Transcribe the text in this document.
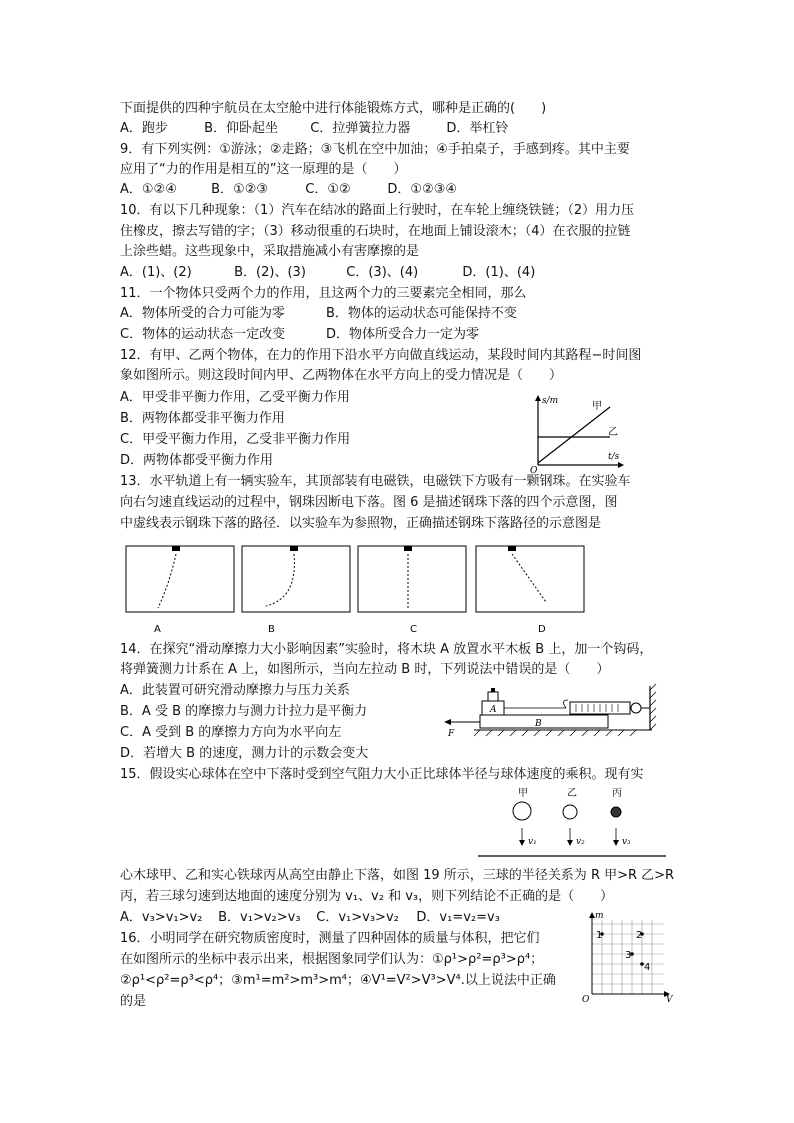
下面提供的四种宇航员在太空舱中进行体能锻炼方式，哪种是正确的(　　)
A．跑步	B．仰卧起坐 C．拉弹簧拉力器	D．举杠铃
9．有下列实例：①游泳；②走路；③飞机在空中加油；④手拍桌子，手感到疼。其中主要
应用了“力的作用是相互的”这一原理的是（　　）
A．①②④	B．①②③	C．①②	D．①②③④
10．有以下几种现象：（1）汽车在结冰的路面上行驶时，在车轮上缠绕铁链；（2）用力压
住橡皮，擦去写错的字；（3）移动很重的石块时，在地面上铺设滚木；（4）在衣服的拉链
上涂些蜡。这些现象中，采取措施减小有害摩擦的是
A．(1)、(2)	B．(2)、(3)	C．(3)、(4)	D．(1)、(4)
11．一个物体只受两个力的作用，且这两个力的三要素完全相同，那么
A．物体所受的合力可能为零	B．物体的运动状态可能保持不变
C．物体的运动状态一定改变	D．物体所受合力一定为零
12．有甲、乙两个物体，在力的作用下沿水平方向做直线运动，某段时间内其路程−时间图
象如图所示。则这段时间内甲、乙两物体在水平方向上的受力情况是（　　）
A．甲受非平衡力作用，乙受平衡力作用
B．两物体都受非平衡力作用
C．甲受平衡力作用，乙受非平衡力作用
D．两物体都受平衡力作用
s/m
t/s
O
甲
乙
13．水平轨道上有一辆实验车，其顶部装有电磁铁，电磁铁下方吸有一颗钢珠。在实验车
向右匀速直线运动的过程中，钢珠因断电下落。图 6 是描述钢珠下落的四个示意图，图
中虚线表示钢珠下落的路径．以实验车为参照物，正确描述钢珠下落路径的示意图是
A	B	C	D
14．在探究“滑动摩擦力大小影响因素”实验时，将木块 A 放置水平木板 B 上，加一个钩码，
将弹簧测力计系在 A 上，如图所示，当向左拉动 B 时，下列说法中错误的是（　　）
A．此装置可研究滑动摩擦力与压力关系
B．A 受 B 的摩擦力与测力计拉力是平衡力
C．A 受到 B 的摩擦力方向为水平向左
D．若增大 B 的速度，测力计的示数会变大
A
B
F
15．假设实心球体在空中下落时受到空气阻力大小正比球体半径与球体速度的乘积。现有实
甲	乙	丙
v₁	v₂	v₃
心木球甲、乙和实心铁球丙从高空由静止下落，如图 19 所示，三球的半径关系为 R 甲>R 乙>R
丙，若三球匀速到达地面的速度分别为 v₁、v₂ 和 v₃，则下列结论不正确的是（　　）
A．v₃>v₁>v₂ B．v₁>v₂>v₃ C．v₁>v₃>v₂ D．v₁=v₂=v₃
16．小明同学在研究物质密度时，测量了四种固体的质量与体积，把它们
在如图所示的坐标中表示出来，根据图象同学们认为：①ρ¹>ρ²=ρ³>ρ⁴；
②ρ¹<ρ²=ρ³<ρ⁴；③m¹=m²>m³>m⁴；④V¹=V²>V³>V⁴.以上说法中正确
的是
m
V
O
1	2
3
4
